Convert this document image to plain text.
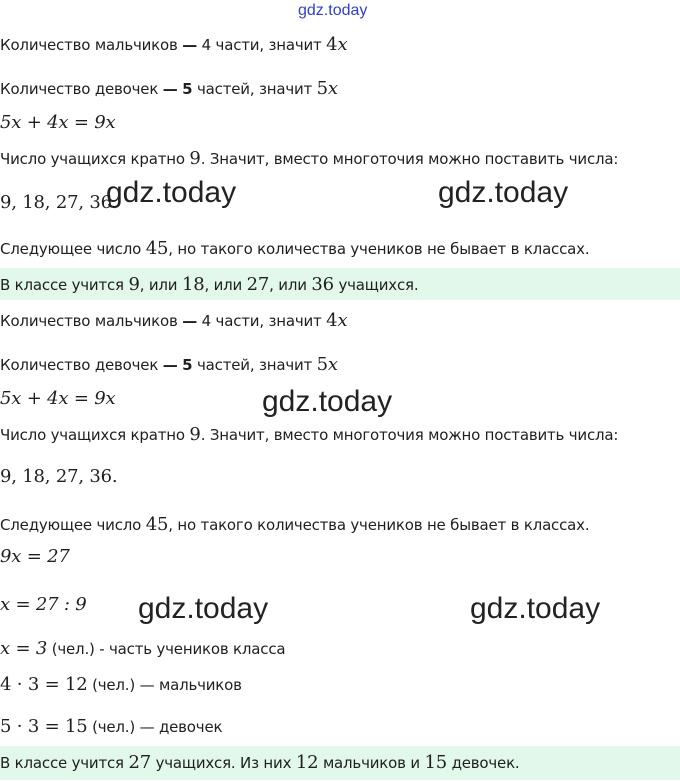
gdz.today
Количество мальчиков — 4 части, значит 4x
Количество девочек — 5 частей, значит 5x
5x + 4x = 9x
Число учащихся кратно 9. Значит, вместо многоточия можно поставить числа:
9, 18, 27, 36.
Следующее число 45, но такого количества учеников не бывает в классах.
В классе учится 9, или 18, или 27, или 36 учащихся.
Количество мальчиков — 4 части, значит 4x
Количество девочек — 5 частей, значит 5x
5x + 4x = 9x
Число учащихся кратно 9. Значит, вместо многоточия можно поставить числа:
9, 18, 27, 36.
Следующее число 45, но такого количества учеников не бывает в классах.
9x = 27
x = 27 : 9
x = 3 (чел.) - часть учеников класса
4 · 3 = 12 (чел.) — мальчиков
5 · 3 = 15 (чел.) — девочек
В классе учится 27 учащихся. Из них 12 мальчиков и 15 девочек.
gdz.today	gdz.today
gdz.today
gdz.today	gdz.today
